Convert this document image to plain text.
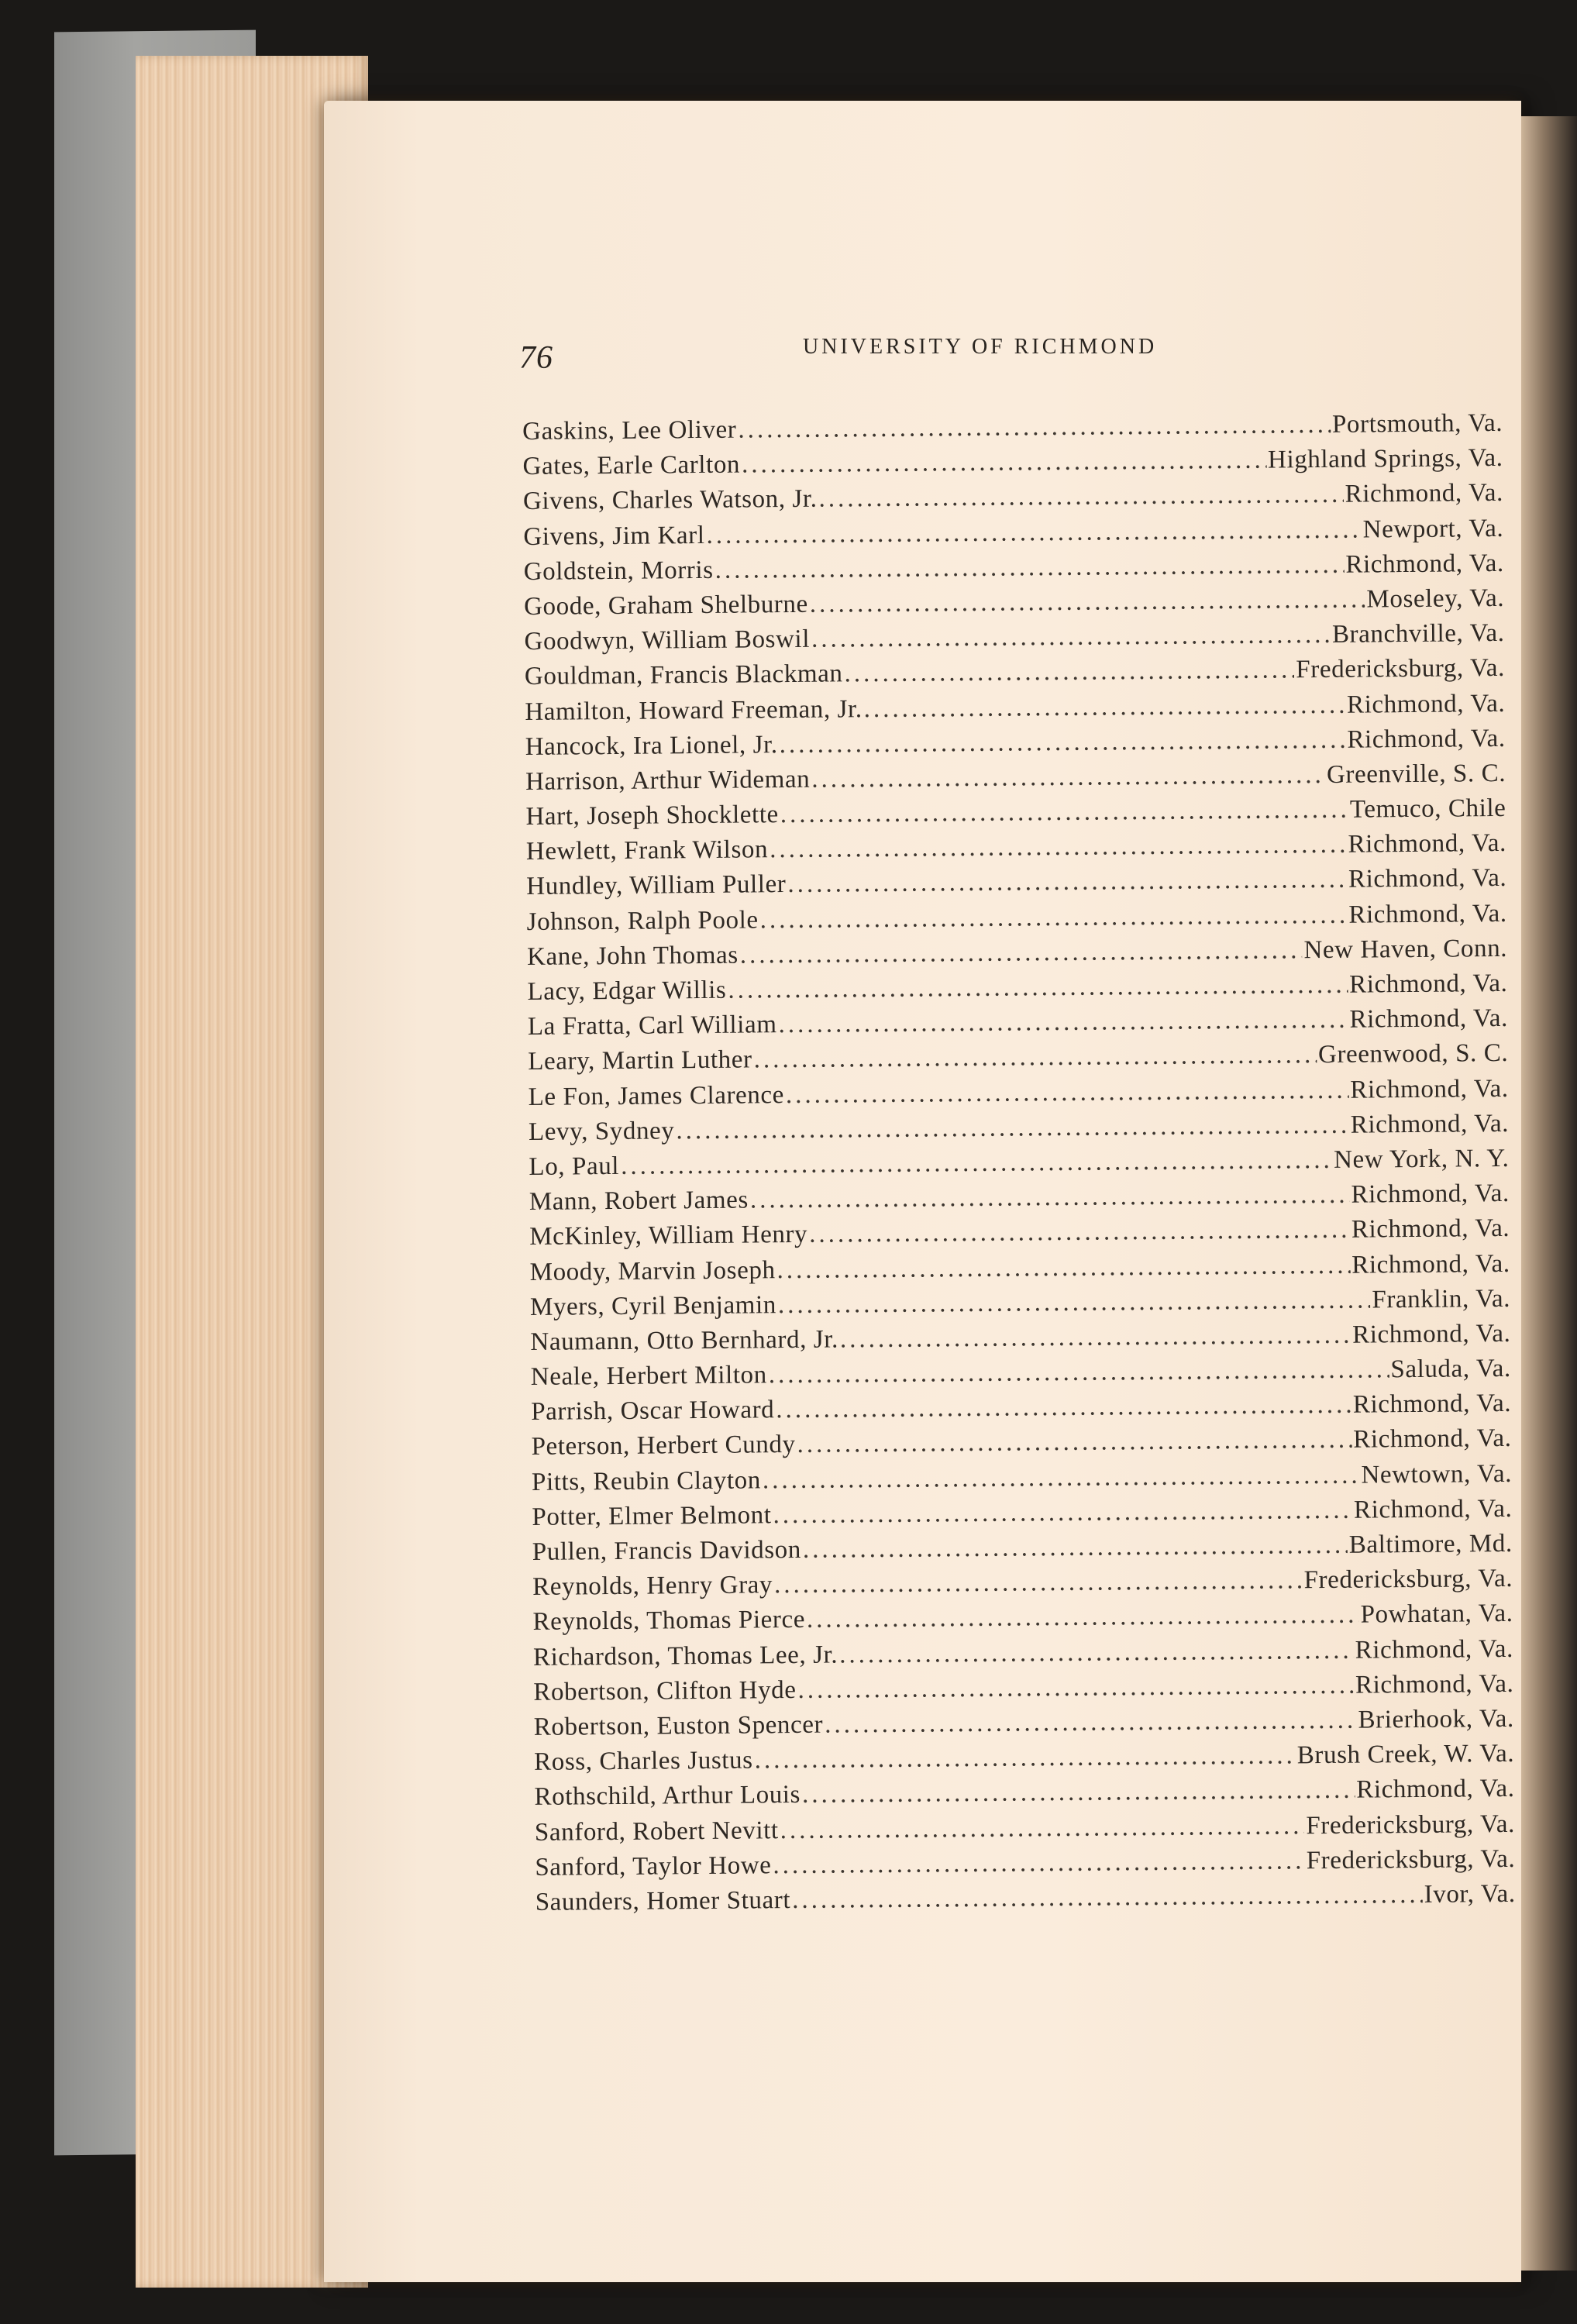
76	UNIVERSITY OF RICHMOND
Gaskins, Lee Oliver .....	Portsmouth, Va.
Gates, Earle Carlton .....	Highland Springs, Va.
Givens, Charles Watson, Jr. .....	Richmond, Va.
Givens, Jim Karl .....	Newport, Va.
Goldstein, Morris .....	Richmond, Va.
Goode, Graham Shelburne .....	Moseley, Va.
Goodwyn, William Boswil .....	Branchville, Va.
Gouldman, Francis Blackman .....	Fredericksburg, Va.
Hamilton, Howard Freeman, Jr. .....	Richmond, Va.
Hancock, Ira Lionel, Jr. .....	Richmond, Va.
Harrison, Arthur Wideman .....	Greenville, S. C.
Hart, Joseph Shocklette .....	Temuco, Chile
Hewlett, Frank Wilson .....	Richmond, Va.
Hundley, William Puller .....	Richmond, Va.
Johnson, Ralph Poole .....	Richmond, Va.
Kane, John Thomas .....	New Haven, Conn.
Lacy, Edgar Willis .....	Richmond, Va.
La Fratta, Carl William .....	Richmond, Va.
Leary, Martin Luther .....	Greenwood, S. C.
Le Fon, James Clarence .....	Richmond, Va.
Levy, Sydney .....	Richmond, Va.
Lo, Paul .....	New York, N. Y.
Mann, Robert James .....	Richmond, Va.
McKinley, William Henry .....	Richmond, Va.
Moody, Marvin Joseph .....	Richmond, Va.
Myers, Cyril Benjamin .....	Franklin, Va.
Naumann, Otto Bernhard, Jr. .....	Richmond, Va.
Neale, Herbert Milton .....	Saluda, Va.
Parrish, Oscar Howard .....	Richmond, Va.
Peterson, Herbert Cundy .....	Richmond, Va.
Pitts, Reubin Clayton .....	Newtown, Va.
Potter, Elmer Belmont .....	Richmond, Va.
Pullen, Francis Davidson .....	Baltimore, Md.
Reynolds, Henry Gray .....	Fredericksburg, Va.
Reynolds, Thomas Pierce .....	Powhatan, Va.
Richardson, Thomas Lee, Jr. .....	Richmond, Va.
Robertson, Clifton Hyde .....	Richmond, Va.
Robertson, Euston Spencer .....	Brierhook, Va.
Ross, Charles Justus .....	Brush Creek, W. Va.
Rothschild, Arthur Louis .....	Richmond, Va.
Sanford, Robert Nevitt .....	Fredericksburg, Va.
Sanford, Taylor Howe .....	Fredericksburg, Va.
Saunders, Homer Stuart .....	Ivor, Va.
